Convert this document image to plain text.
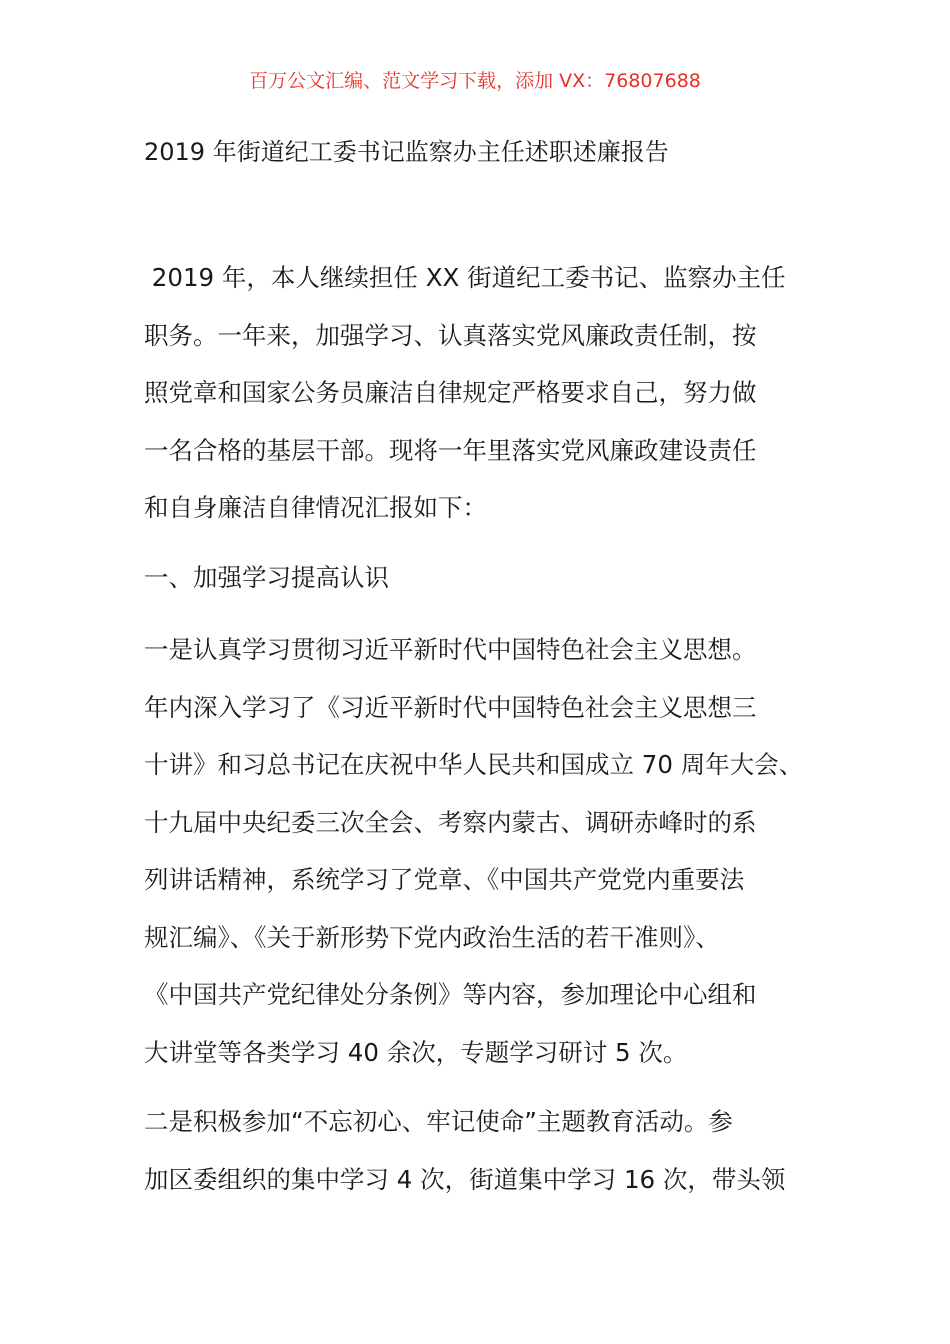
百万公文汇编、范文学习下载，添加 VX：76807688
2019 年街道纪工委书记监察办主任述职述廉报告
2019 年，本人继续担任 XX 街道纪工委书记、监察办主任
职务。一年来，加强学习、认真落实党风廉政责任制，按
照党章和国家公务员廉洁自律规定严格要求自己，努力做
一名合格的基层干部。现将一年里落实党风廉政建设责任
和自身廉洁自律情况汇报如下：
一、加强学习提高认识
一是认真学习贯彻习近平新时代中国特色社会主义思想。
年内深入学习了《习近平新时代中国特色社会主义思想三
十讲》和习总书记在庆祝中华人民共和国成立 70 周年大会、
十九届中央纪委三次全会、考察内蒙古、调研赤峰时的系
列讲话精神，系统学习了党章、《中国共产党党内重要法
规汇编》、《关于新形势下党内政治生活的若干准则》、
《中国共产党纪律处分条例》等内容，参加理论中心组和
大讲堂等各类学习 40 余次，专题学习研讨 5 次。
二是积极参加“不忘初心、牢记使命”主题教育活动。参
加区委组织的集中学习 4 次，街道集中学习 16 次，带头领
